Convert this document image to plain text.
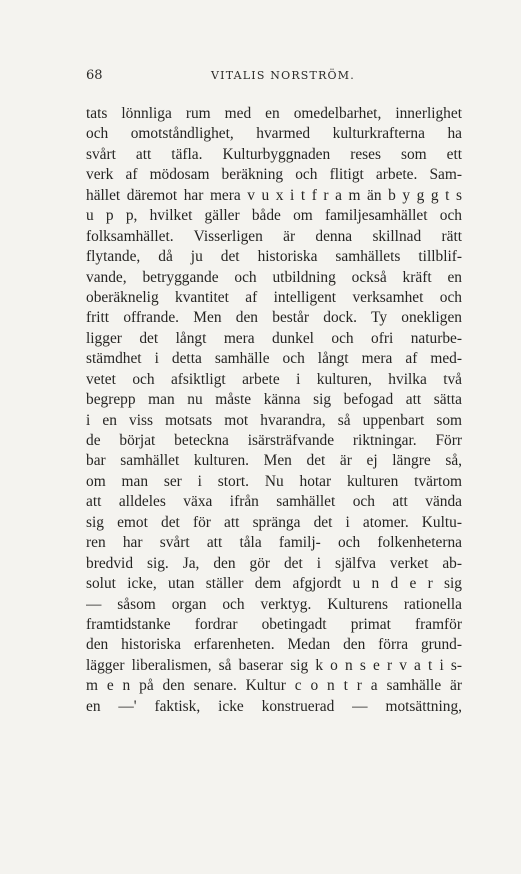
68	VITALIS NORSTRÖM.
tats lönnliga rum med en omedelbarhet, innerlighet
och omotståndlighet, hvarmed kulturkrafterna ha
svårt att täfla. Kulturbyggnaden reses som ett
verk af mödosam beräkning och flitigt arbete. Sam-
hället däremot har mera v u x i t f r a m än b y g g t s
u p p, hvilket gäller både om familjesamhället och
folksamhället. Visserligen är denna skillnad rätt
flytande, då ju det historiska samhällets tillblif-
vande, betryggande och utbildning också kräft en
oberäknelig kvantitet af intelligent verksamhet och
fritt offrande. Men den består dock. Ty onekligen
ligger det långt mera dunkel och ofri naturbe-
stämdhet i detta samhälle och långt mera af med-
vetet och afsiktligt arbete i kulturen, hvilka två
begrepp man nu måste känna sig befogad att sätta
i en viss motsats mot hvarandra, så uppenbart som
de börjat beteckna isärsträfvande riktningar. Förr
bar samhället kulturen. Men det är ej längre så,
om man ser i stort. Nu hotar kulturen tvärtom
att alldeles växa ifrån samhället och att vända
sig emot det för att spränga det i atomer. Kultu-
ren har svårt att tåla familj- och folkenheterna
bredvid sig. Ja, den gör det i själfva verket ab-
solut icke, utan ställer dem afgjordt u n d e r sig
— såsom organ och verktyg. Kulturens rationella
framtidstanke fordrar obetingadt primat framför
den historiska erfarenheten. Medan den förra grund-
lägger liberalismen, så baserar sig k o n s e r v a t i s-
m e n på den senare. Kultur c o n t r a samhälle är
en —' faktisk, icke konstruerad — motsättning,
